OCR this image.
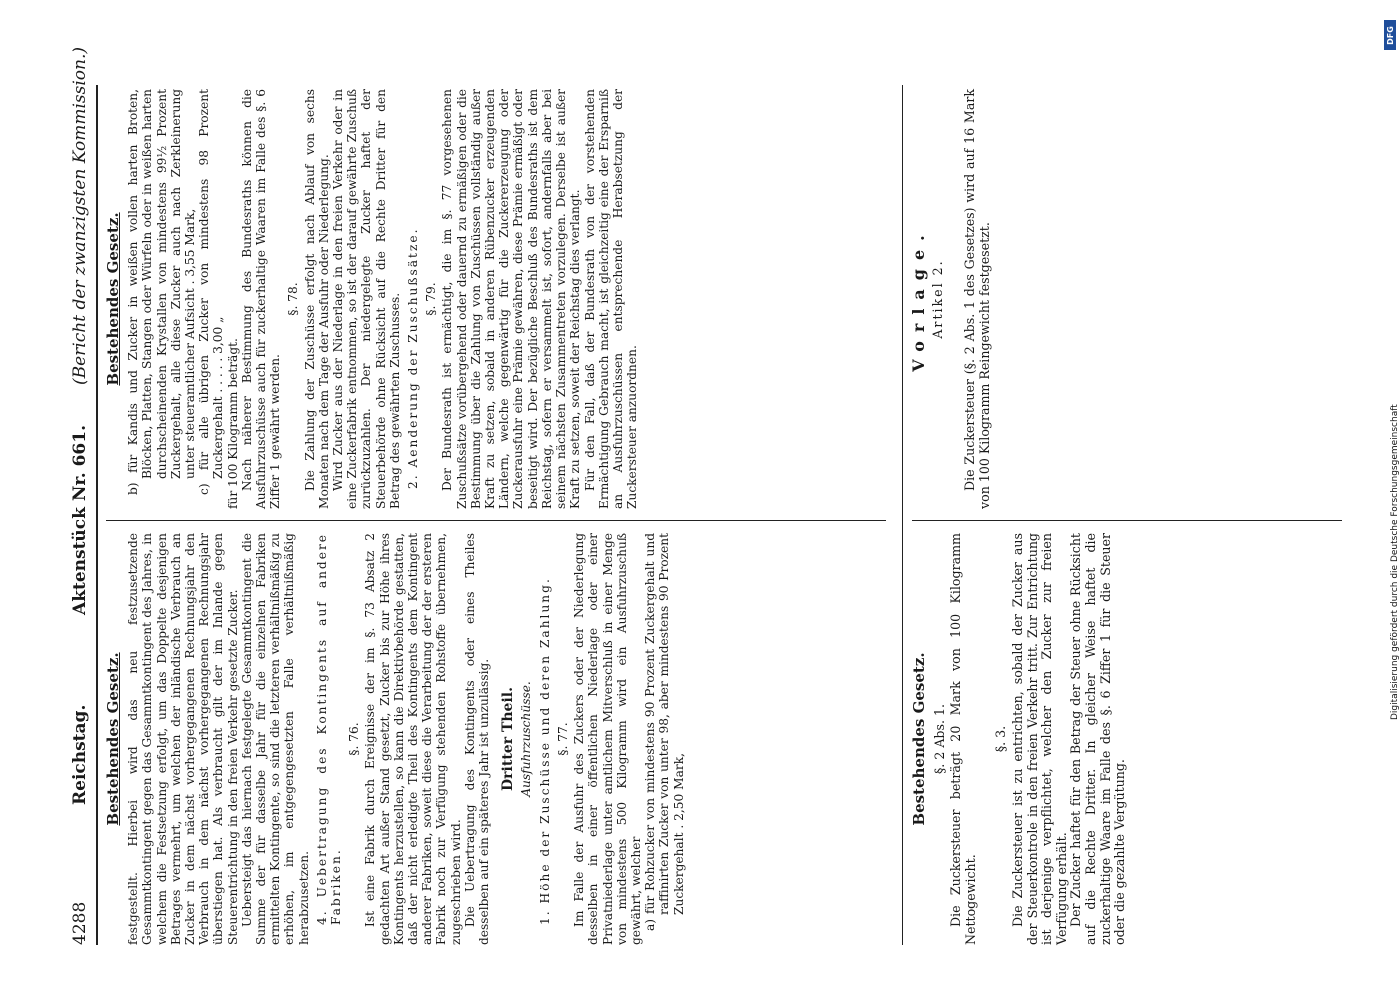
4288
Reichstag.
Aktenstück Nr. 661.
(Bericht der zwanzigsten Kommission.)

Bestehendes Gesetz. festgestellt. Hierbei wird das neu festzusetzende Gesammtkontingent gegen das Gesammtkontingent des Jahres, in welchem die Festsetzung erfolgt, um das Doppelte desjenigen Betrages vermehrt, um welchen der inländische Verbrauch an Zucker in dem nächst vorhergegangenen Rechnungsjahr den Verbrauch in dem nächst vorhergegangenen Rechnungsjahr überstiegen hat. Als verbraucht gilt der im Inlande gegen Steuerentrichtung in den freien Verkehr gesetzte Zucker. Uebersteigt das hiernach festgelegte Gesammtkontingent die Summe der für dasselbe Jahr für die einzelnen Fabriken ermittelten Kontingente, so sind die letzteren verhältnißmäßig zu erhöhen, im entgegengesetzten Falle verhältnißmäßig herabzusetzen. 4. Uebertragung des Kontingents auf andere Fabriken.

§. 76. Ist eine Fabrik durch Ereignisse der im §. 73 Absatz 2 gedachten Art außer Stand gesetzt, Zucker bis zur Höhe ihres Kontingents herzustellen, so kann die Direktivbehörde gestatten, daß der nicht erledigte Theil des Kontingents dem Kontingent anderer Fabriken, soweit diese die Verarbeitung der der ersteren Fabrik noch zur Verfügung stehenden Rohstoffe übernehmen, zugeschrieben wird. Die Uebertragung des Kontingents oder eines Theiles desselben auf ein späteres Jahr ist unzulässig. Dritter Theil. Ausfuhrzuschüsse. 1. Höhe der Zuschüsse und deren Zahlung. §. 77. Im Falle der Ausfuhr des Zuckers oder der Niederlegung desselben in einer öffentlichen Niederlage oder einer Privatniederlage unter amtlichem Mitverschluß in einer Menge von mindestens 500 Kilogramm wird ein Ausfuhrzuschuß gewährt, welcher a) für Rohzucker von mindestens 90 Prozent Zuckergehalt und raffinirten Zucker von unter 98, aber mindestens 90 Prozent Zuckergehalt . 2,50 Mark,

Bestehendes Gesetz. b) für Kandis und Zucker in weißen vollen harten Broten, Blöcken, Platten, Stangen oder Würfeln oder in weißen harten durchscheinenden Krystallen von mindestens 99½ Prozent Zuckergehalt, alle diese Zucker auch nach Zerkleinerung unter steueramtlicher Aufsicht . 3,55 Mark, c) für alle übrigen Zucker von mindestens 98 Prozent Zuckergehalt . . . . . 3,00 „ für 100 Kilogramm beträgt. Nach näherer Bestimmung des Bundesraths können die Ausfuhrzuschüsse auch für zuckerhaltige Waaren im Falle des §. 6 Ziffer 1 gewährt werden.

§. 78. Die Zahlung der Zuschüsse erfolgt nach Ablauf von sechs Monaten nach dem Tage der Ausfuhr oder Niederlegung. Wird Zucker aus der Niederlage in den freien Verkehr oder in eine Zuckerfabrik entnommen, so ist der darauf gewährte Zuschuß zurückzuzahlen. Der niedergelegte Zucker haftet der Steuerbehörde ohne Rücksicht auf die Rechte Dritter für den Betrag des gewährten Zuschusses. 2. Aenderung der Zuschußsätze. §. 79. Der Bundesrath ist ermächtigt, die im §. 77 vorgesehenen Zuschußsätze vorübergehend oder dauernd zu ermäßigen oder die Bestimmung über die Zahlung von Zuschüssen vollständig außer Kraft zu setzen, sobald in anderen Rübenzucker erzeugenden Ländern, welche gegenwärtig für die Zuckererzeugung oder Zuckerausfuhr eine Prämie gewähren, diese Prämie ermäßigt oder beseitigt wird. Der bezügliche Beschluß des Bundesraths ist dem Reichstag, sofern er versammelt ist, sofort, andernfalls aber bei seinem nächsten Zusammentreten vorzulegen. Derselbe ist außer Kraft zu setzen, soweit der Reichstag dies verlangt. Für den Fall, daß der Bundesrath von der vorstehenden Ermächtigung Gebrauch macht, ist gleichzeitig eine der Ersparniß an Ausfuhrzuschüssen entsprechende Herabsetzung der Zuckersteuer anzuordnen.

Bestehendes Gesetz. §. 2 Abs. 1. Die Zuckersteuer beträgt 20 Mark von 100 Kilogramm Nettogewicht.

§. 3. Die Zuckersteuer ist zu entrichten, sobald der Zucker aus der Steuerkontrole in den freien Verkehr tritt. Zur Entrichtung ist derjenige verpflichtet, welcher den Zucker zur freien Verfügung erhält. Der Zucker haftet für den Betrag der Steuer ohne Rücksicht auf die Rechte Dritter. In gleicher Weise haftet die zuckerhaltige Waare im Falle des §. 6 Ziffer 1 für die Steuer oder die gezahlte Vergütung.

Vorlage. Artikel 2. Die Zuckersteuer (§. 2 Abs. 1 des Gesetzes) wird auf 16 Mark von 100 Kilogramm Reingewicht festgesetzt.

DFG
Digitalisierung gefördert durch die Deutsche Forschungsgemeinschaft
